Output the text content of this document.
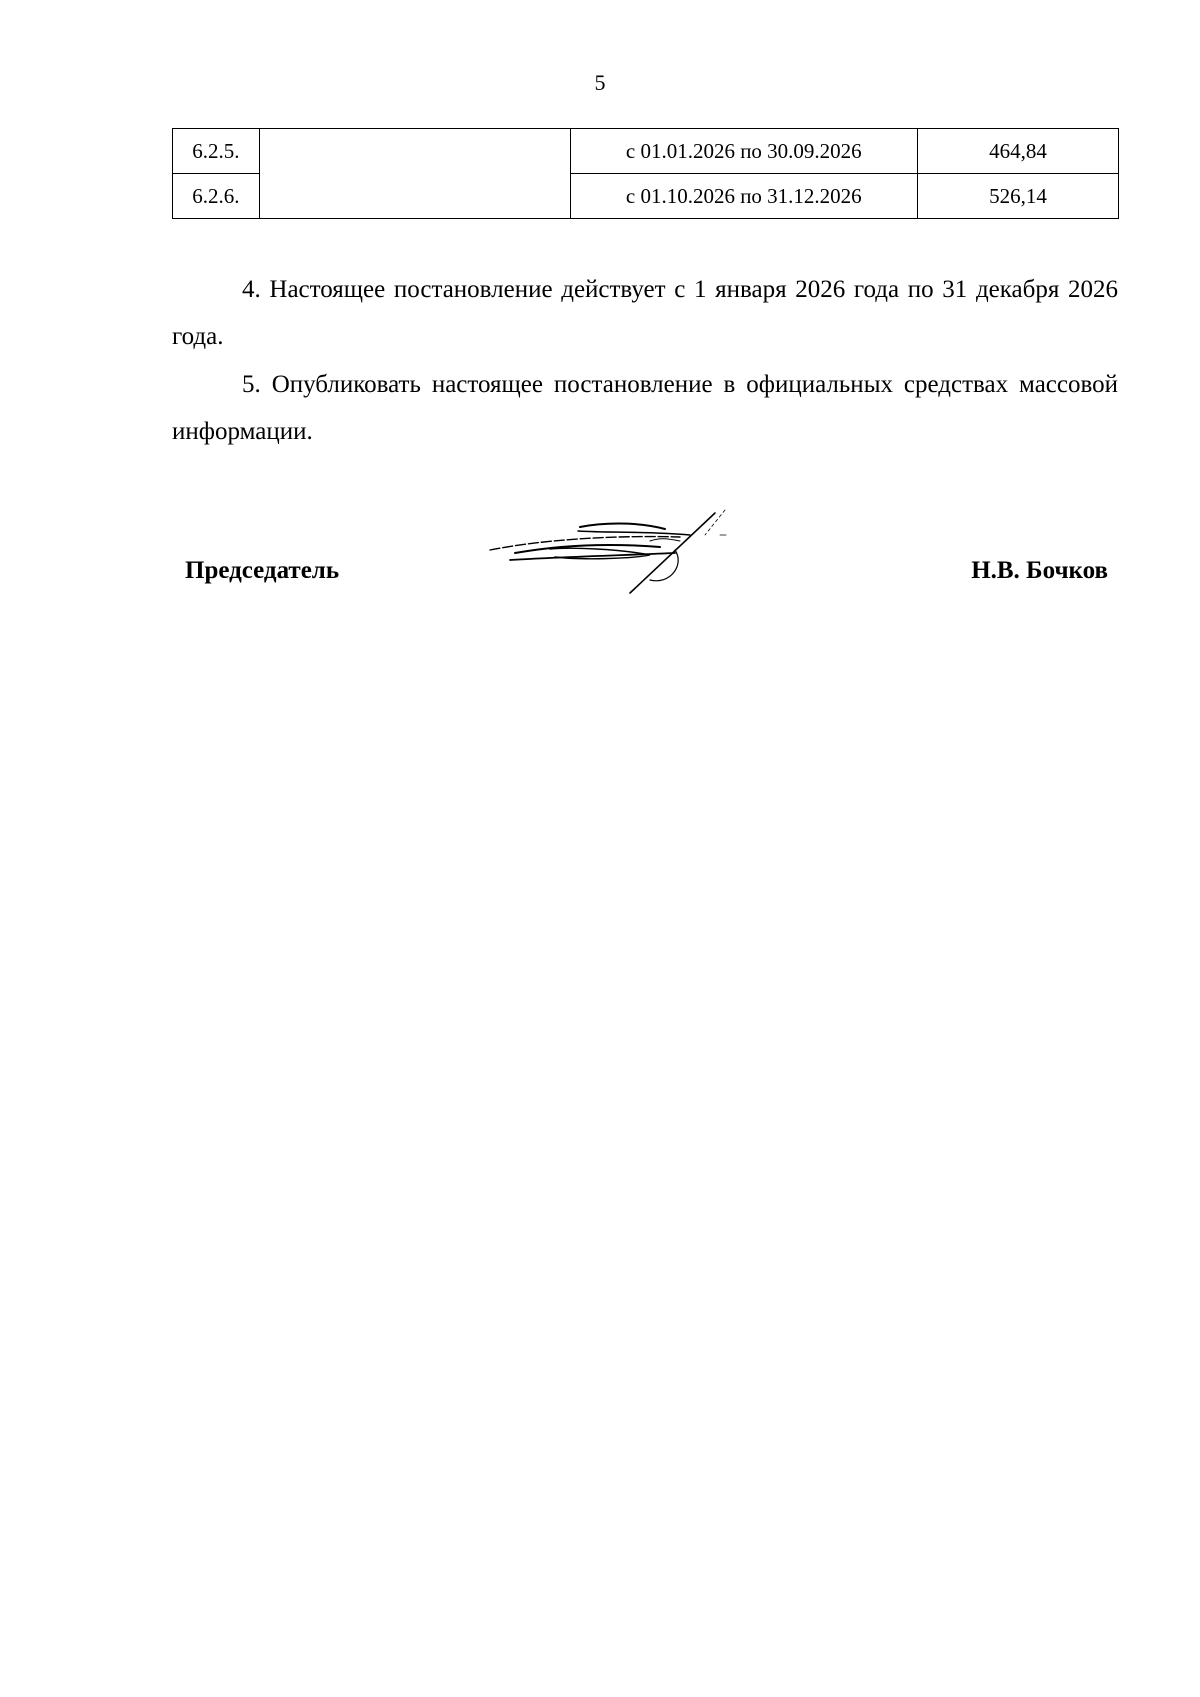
5
6.2.5.		с 01.01.2026 по 30.09.2026	464,84
6.2.6.		с 01.10.2026 по 31.12.2026	526,14

4. Настоящее постановление действует с 1 января 2026 года по 31 декабря 2026 года.

5. Опубликовать настоящее постановление в официальных средствах массовой информации.

Председатель	Н.В. Бочков
